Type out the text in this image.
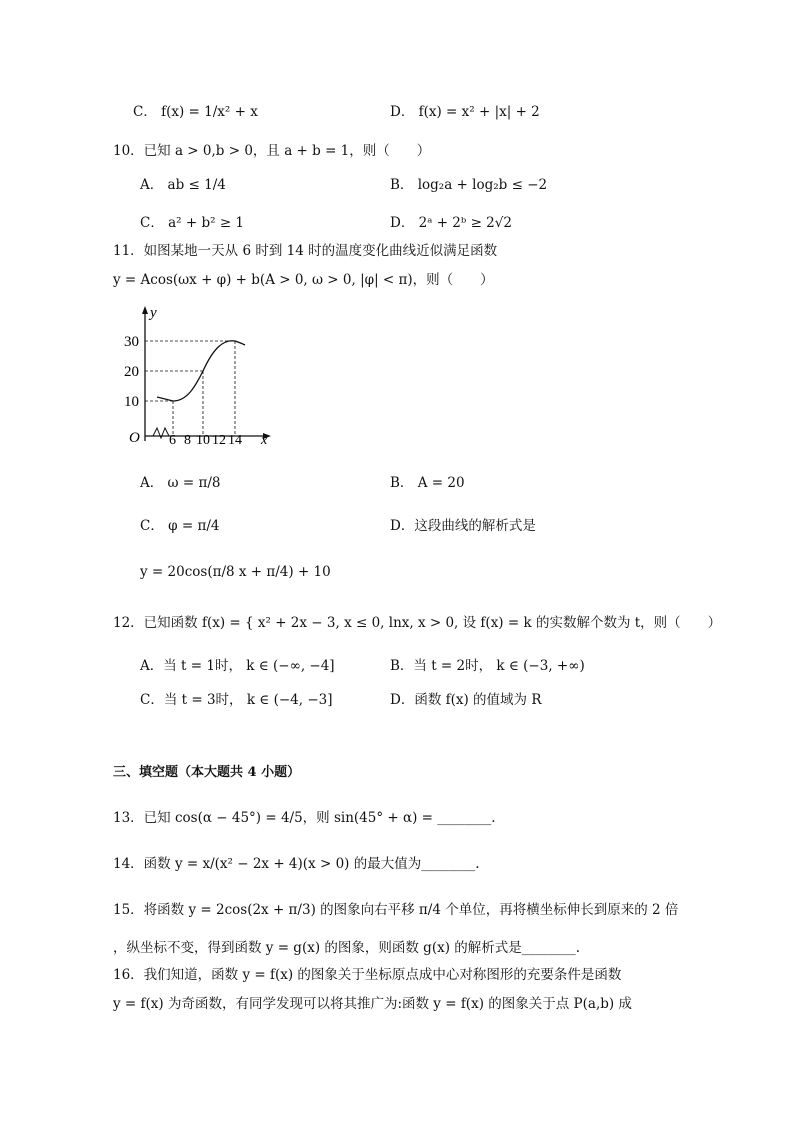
C． f(x) = 1/x² + x	D． f(x) = x² + |x| + 2
10．已知 a > 0,b > 0，且 a + b = 1，则（　　）
A． ab ≤ 1/4	B． log₂a + log₂b ≤ −2
C． a² + b² ≥ 1	D． 2ᵃ + 2ᵇ ≥ 2√2
11．如图某地一天从 6 时到 14 时的温度变化曲线近似满足函数
y = Acos(ωx + φ) + b(A > 0, ω > 0, |φ| < π)，则（　　）
y
x
O
10
20
30
6 8 10 12 14
A． ω = π/8	B． A = 20
C． φ = π/4	D．这段曲线的解析式是
y = 20cos(π/8 x + π/4) + 10
12．已知函数 f(x) = { x² + 2x − 3, x ≤ 0, lnx, x > 0, 设 f(x) = k 的实数解个数为 t，则（　　）
A．当 t = 1时， k ∈ (−∞, −4]	B．当 t = 2时， k ∈ (−3, +∞)
C．当 t = 3时， k ∈ (−4, −3]	D．函数 f(x) 的值域为 R
三、填空题（本大题共 4 小题）
13．已知 cos(α − 45°) = 4/5，则 sin(45° + α) = ________.
14．函数 y = x/(x² − 2x + 4)(x > 0) 的最大值为________.
15．将函数 y = 2cos(2x + π/3) 的图象向右平移 π/4 个单位，再将横坐标伸长到原来的 2 倍
，纵坐标不变，得到函数 y = g(x) 的图象，则函数 g(x) 的解析式是________.
16．我们知道，函数 y = f(x) 的图象关于坐标原点成中心对称图形的充要条件是函数
y = f(x) 为奇函数，有同学发现可以将其推广为:函数 y = f(x) 的图象关于点 P(a,b) 成
